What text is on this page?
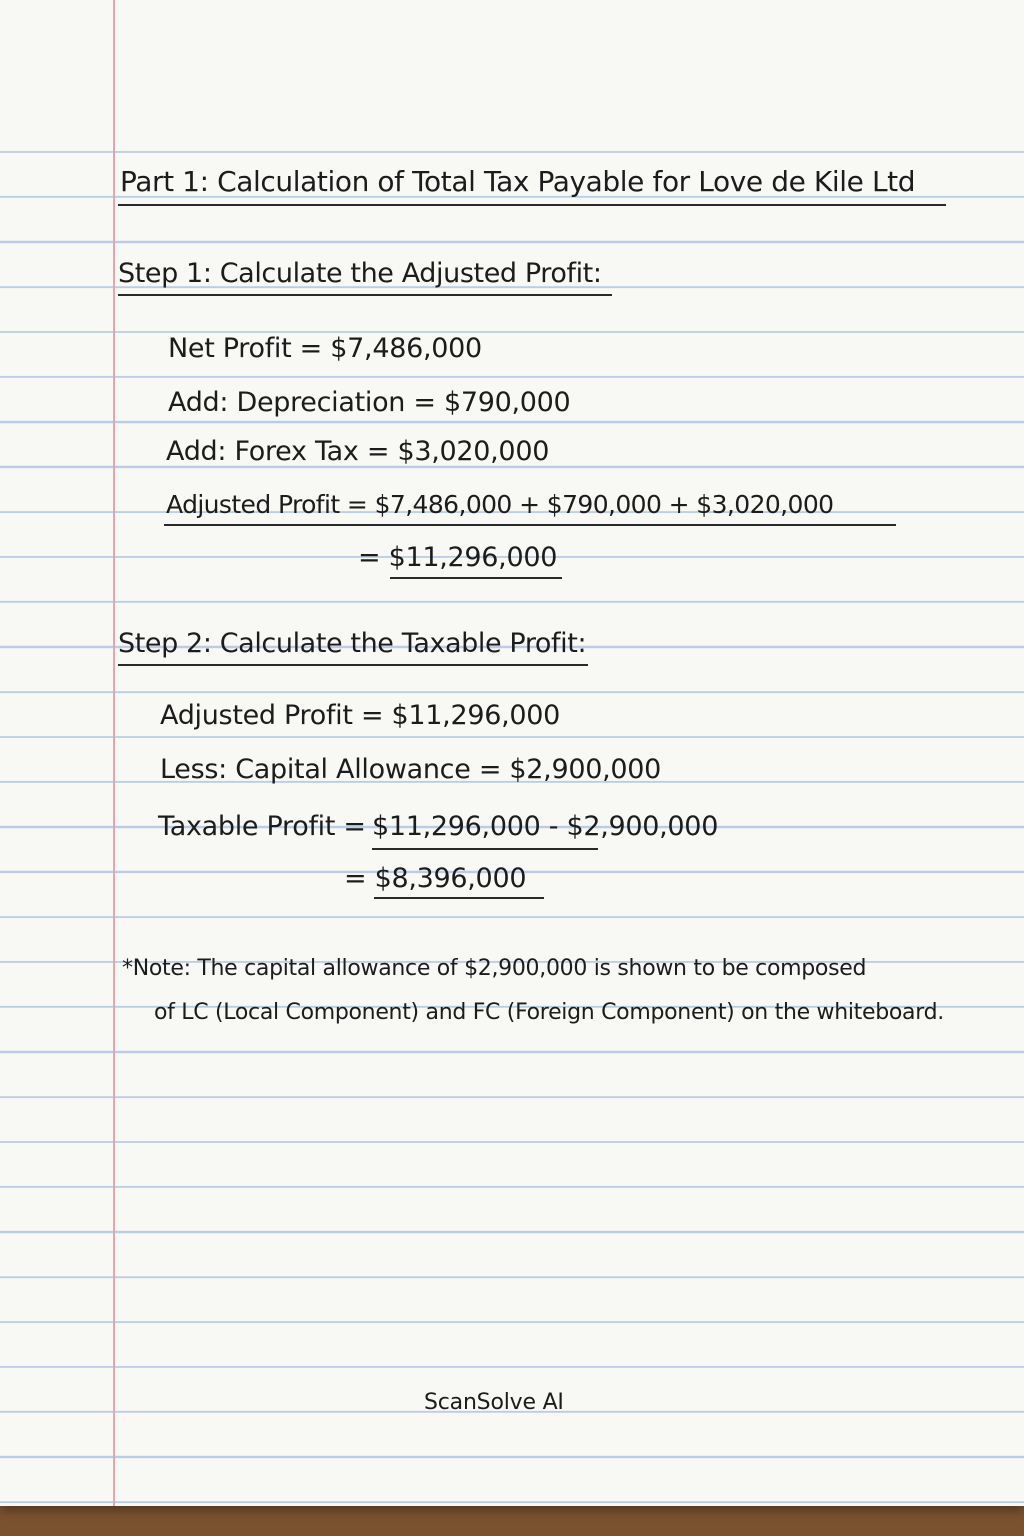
Part 1: Calculation of Total Tax Payable for Love de Kile Ltd
Step 1: Calculate the Adjusted Profit:

Net Profit = $7,486,000

Add: Depreciation = $790,000

Add: Forex Tax = $3,020,000

Adjusted Profit = $7,486,000 + $790,000 + $3,020,000

= $11,296,000

Step 2: Calculate the Taxable Profit:

Adjusted Profit = $11,296,000

Less: Capital Allowance = $2,900,000

Taxable Profit = $11,296,000 - $2,900,000

= $8,396,000

*Note: The capital allowance of $2,900,000 is shown to be composed

of LC (Local Component) and FC (Foreign Component) on the whiteboard.

ScanSolve AI
